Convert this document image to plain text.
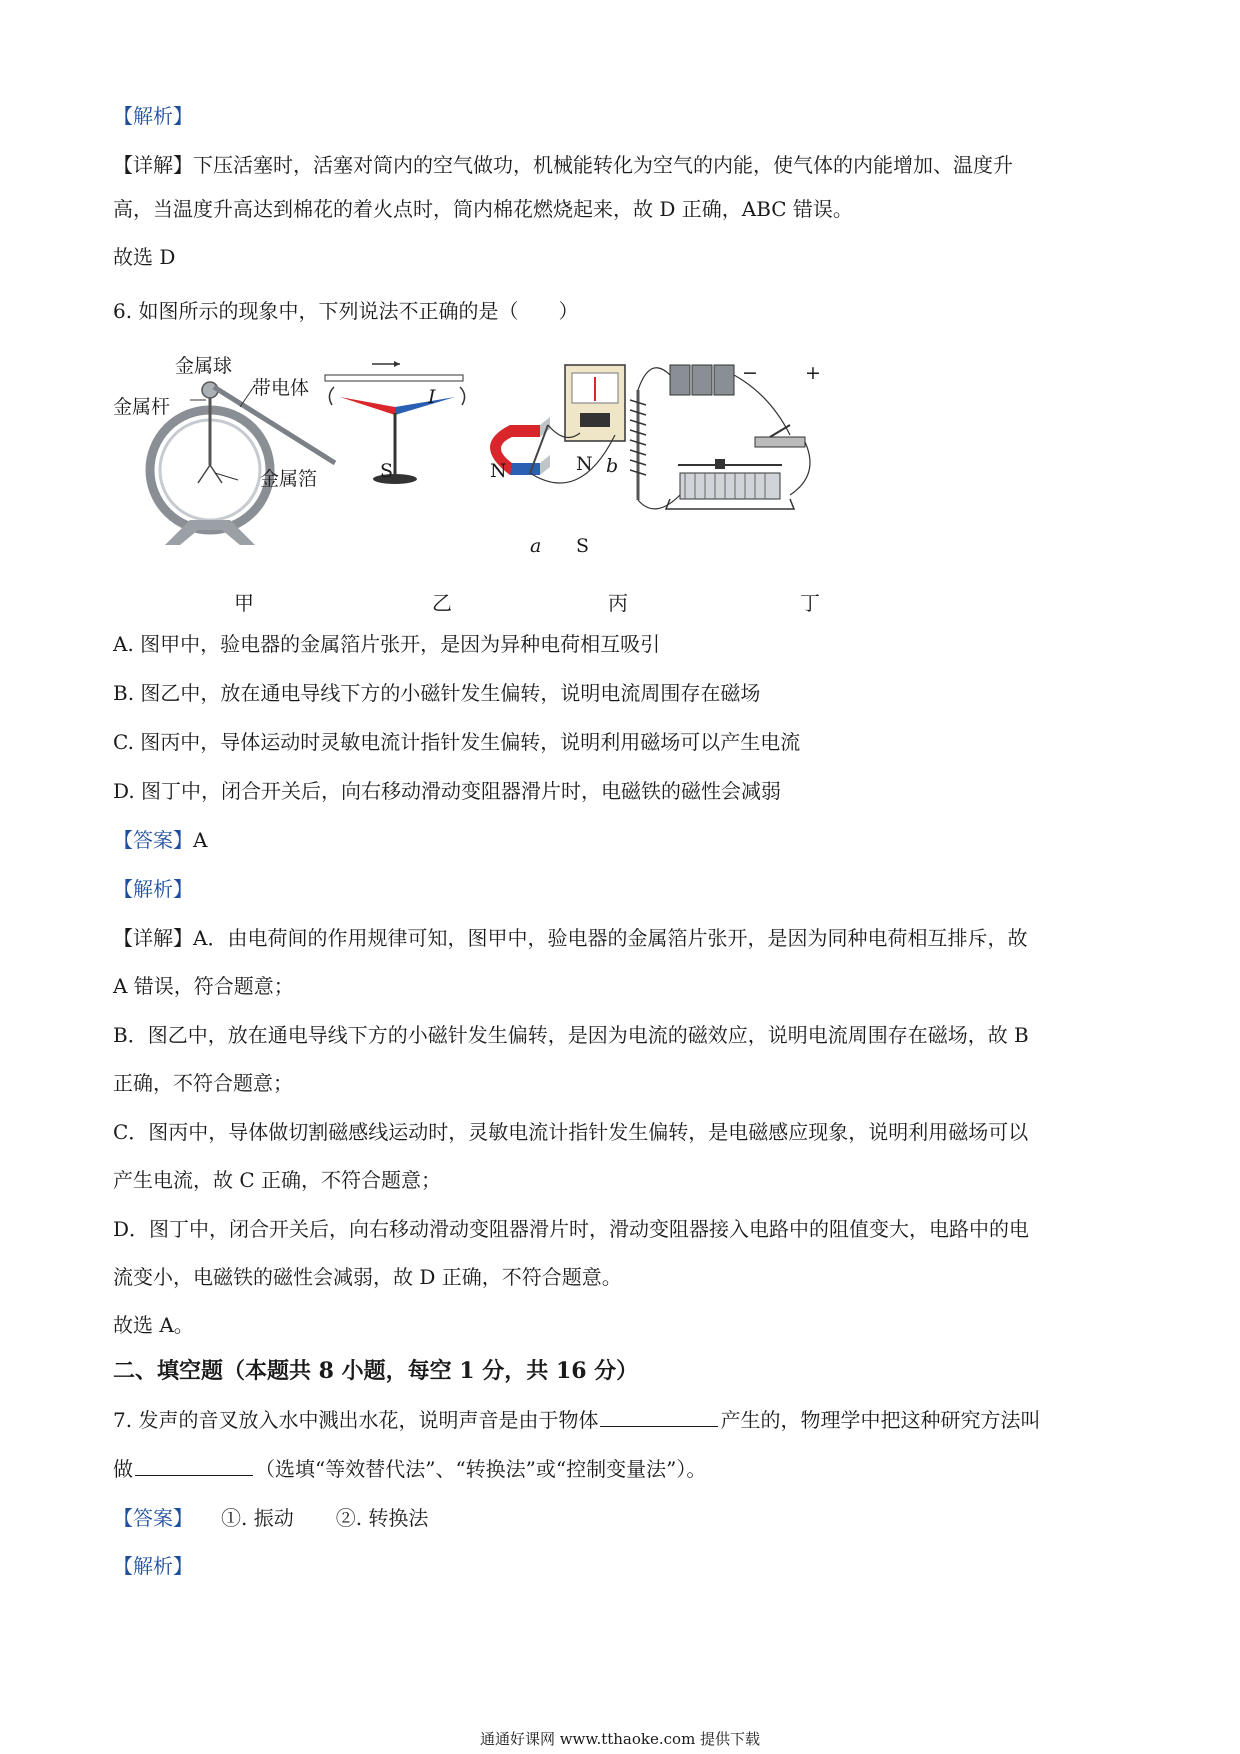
【解析】
【详解】下压活塞时，活塞对筒内的空气做功，机械能转化为空气的内能，使气体的内能增加、温度升
高，当温度升高达到棉花的着火点时，筒内棉花燃烧起来，故 D 正确，ABC 错误。
故选 D
6. 如图所示的现象中，下列说法不正确的是（　　）
金属球
带电体
金属杆
金属箔
I
S	N	N b
a S
− +
甲	乙	丙	丁
A. 图甲中，验电器的金属箔片张开，是因为异种电荷相互吸引
B. 图乙中，放在通电导线下方的小磁针发生偏转，说明电流周围存在磁场
C. 图丙中，导体运动时灵敏电流计指针发生偏转，说明利用磁场可以产生电流
D. 图丁中，闭合开关后，向右移动滑动变阻器滑片时，电磁铁的磁性会减弱
【答案】A
【解析】
【详解】A．由电荷间的作用规律可知，图甲中，验电器的金属箔片张开，是因为同种电荷相互排斥，故
A 错误，符合题意；
B．图乙中，放在通电导线下方的小磁针发生偏转，是因为电流的磁效应，说明电流周围存在磁场，故 B
正确，不符合题意；
C．图丙中，导体做切割磁感线运动时，灵敏电流计指针发生偏转，是电磁感应现象，说明利用磁场可以
产生电流，故 C 正确，不符合题意；
D．图丁中，闭合开关后，向右移动滑动变阻器滑片时，滑动变阻器接入电路中的阻值变大，电路中的电
流变小，电磁铁的磁性会减弱，故 D 正确，不符合题意。
故选 A。
二、填空题（本题共 8 小题，每空 1 分，共 16 分）
7. 发声的音叉放入水中溅出水花，说明声音是由于物体	产生的，物理学中把这种研究方法叫
做	（选填“等效替代法”、“转换法”或“控制变量法”）。
【答案】 ①. 振动 ②. 转换法
【解析】
通通好课网 www.tthaoke.com 提供下载
